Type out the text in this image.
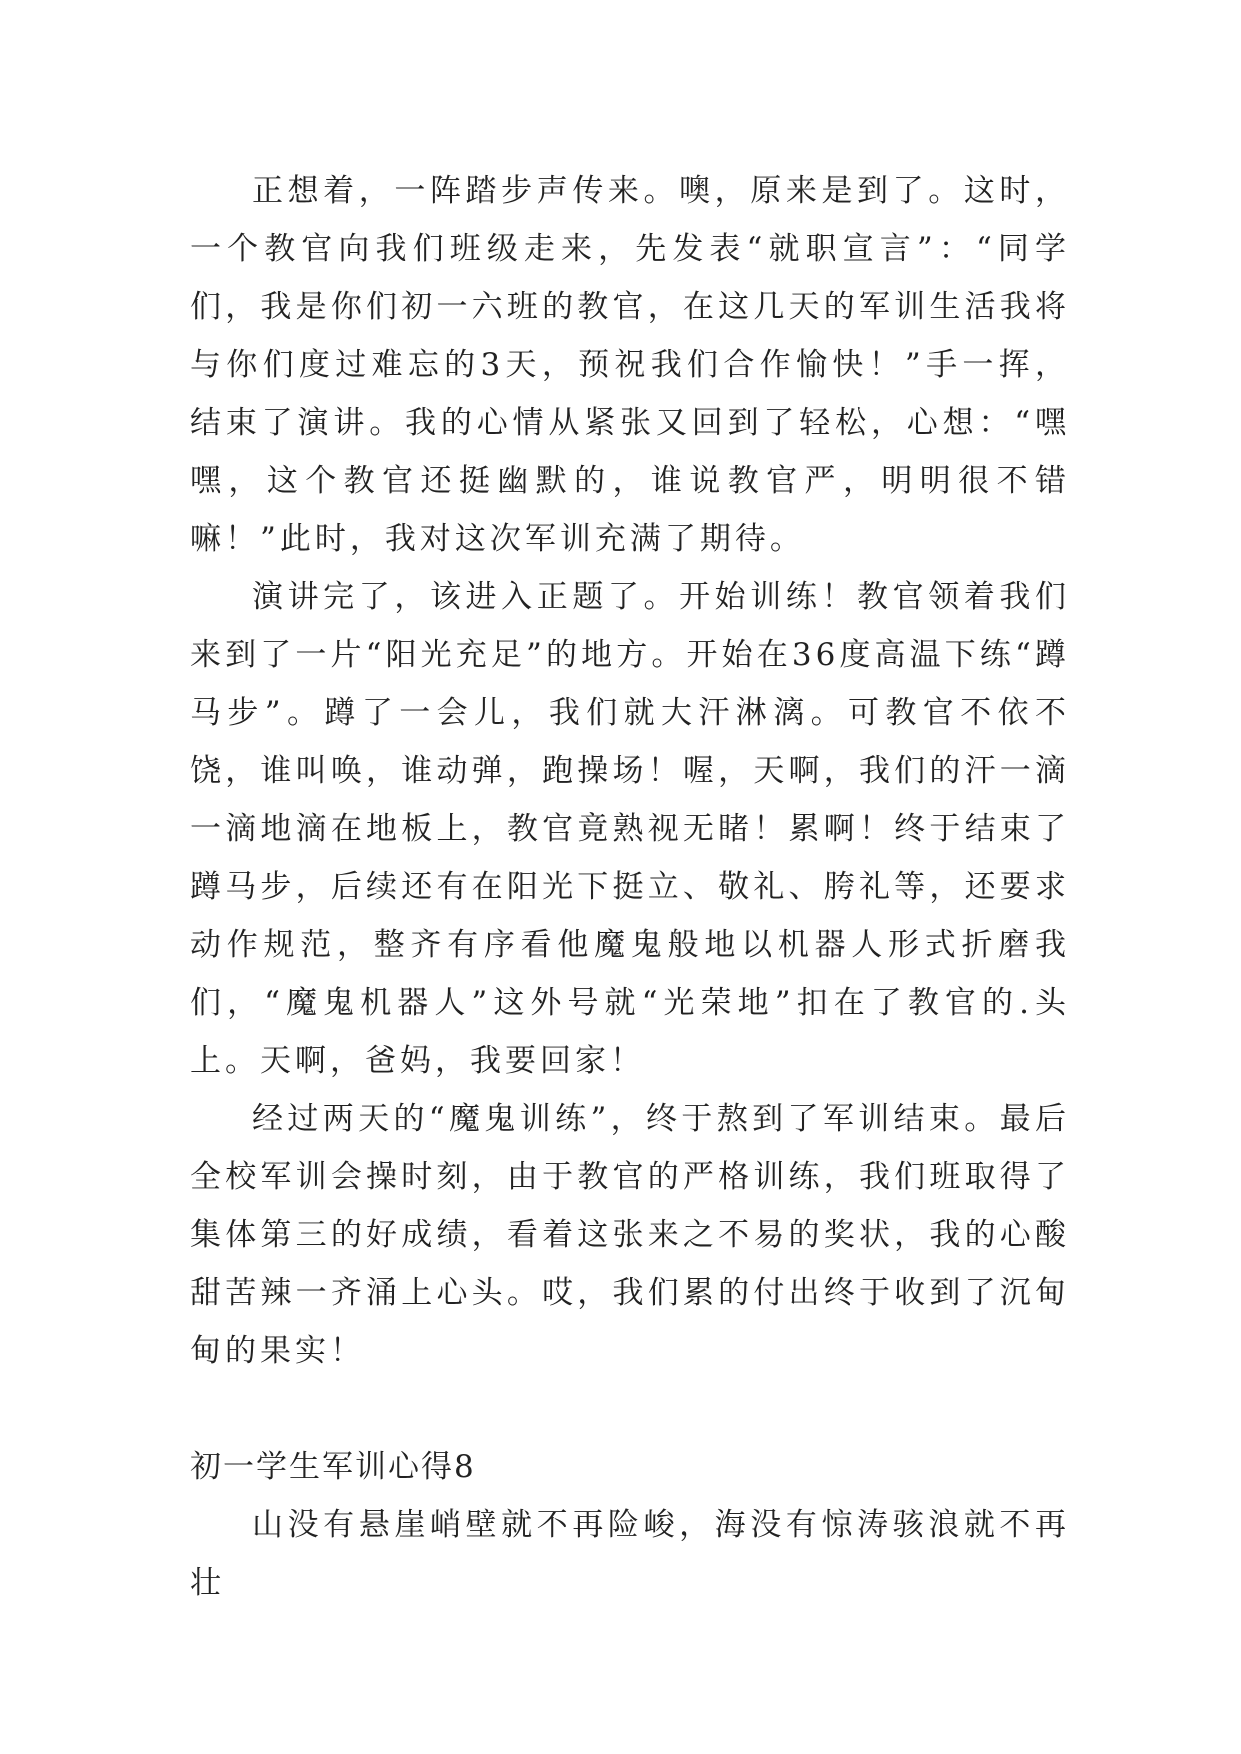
正想着，一阵踏步声传来。噢，原来是到了。这时，一个教官向我们班级走来，先发表“就职宣言”：“同学们，我是你们初一六班的教官，在这几天的军训生活我将与你们度过难忘的3天，预祝我们合作愉快！”手一挥，结束了演讲。我的心情从紧张又回到了轻松，心想：“嘿嘿，这个教官还挺幽默的，谁说教官严，明明很不错嘛！”此时，我对这次军训充满了期待。

演讲完了，该进入正题了。开始训练！教官领着我们来到了一片“阳光充足”的地方。开始在36度高温下练“蹲马步”。蹲了一会儿，我们就大汗淋漓。可教官不依不饶，谁叫唤，谁动弹，跑操场！喔，天啊，我们的汗一滴一滴地滴在地板上，教官竟熟视无睹！累啊！终于结束了蹲马步，后续还有在阳光下挺立、敬礼、胯礼等，还要求动作规范，整齐有序看他魔鬼般地以机器人形式折磨我们，“魔鬼机器人”这外号就“光荣地”扣在了教官的.头上。天啊，爸妈，我要回家！

经过两天的“魔鬼训练”，终于熬到了军训结束。最后全校军训会操时刻，由于教官的严格训练，我们班取得了集体第三的好成绩，看着这张来之不易的奖状，我的心酸甜苦辣一齐涌上心头。哎，我们累的付出终于收到了沉甸甸的果实！

初一学生军训心得8

山没有悬崖峭壁就不再险峻，海没有惊涛骇浪就不再壮
